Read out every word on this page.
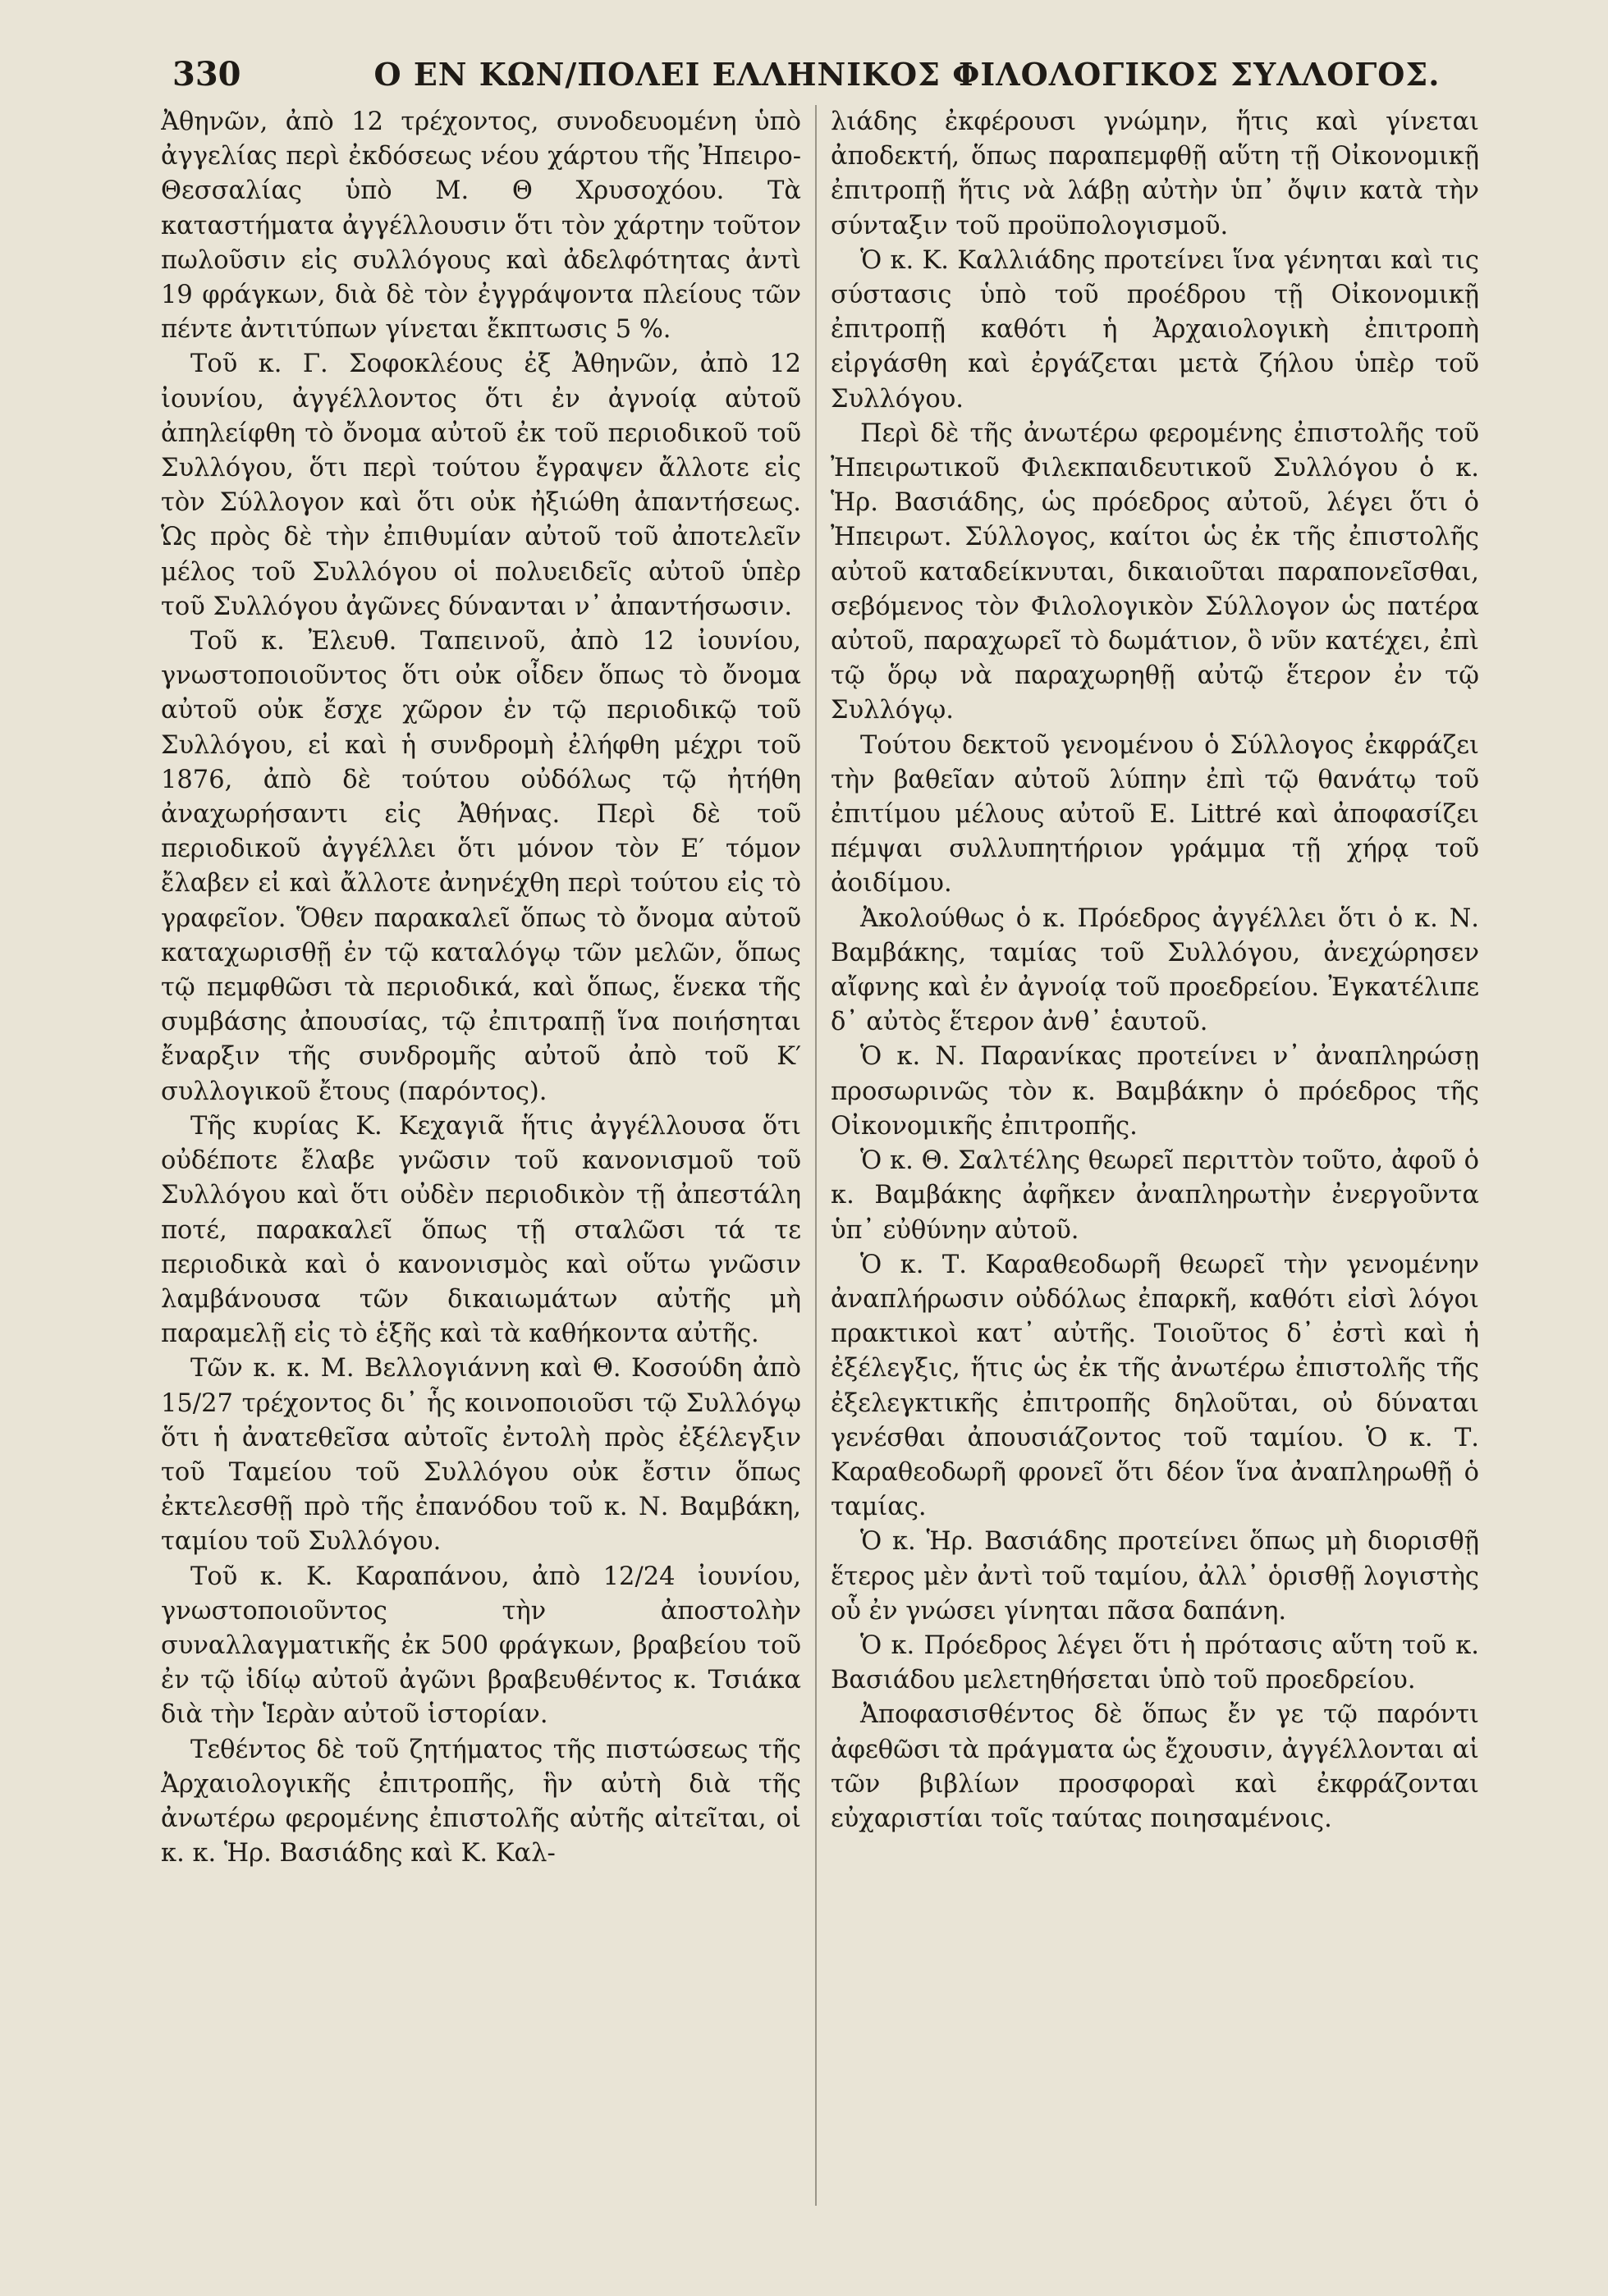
330	Ο ΕΝ ΚΩΝ/ΠΟΛΕΙ ΕΛΛΗΝΙΚΟΣ ΦΙΛΟΛΟΓΙΚΟΣ ΣΥΛΛΟΓΟΣ.

Ἀθηνῶν, ἀπὸ 12 τρέχοντος, συνοδευομένη ὑπὸ ἀγγελίας περὶ ἐκδόσεως νέου χάρτου τῆς Ἠπειρο-Θεσσαλίας ὑπὸ Μ. Θ Χρυσοχόου. Τὰ καταστήματα ἀγγέλλουσιν ὅτι τὸν χάρτην τοῦτον πωλοῦσιν εἰς συλλόγους καὶ ἀδελφότητας ἀντὶ 19 φράγκων, διὰ δὲ τὸν ἐγγράψοντα πλείους τῶν πέντε ἀντιτύπων γίνεται ἔκπτωσις 5 %.

Τοῦ κ. Γ. Σοφοκλέους ἐξ Ἀθηνῶν, ἀπὸ 12 ἰουνίου, ἀγγέλλοντος ὅτι ἐν ἀγνοίᾳ αὐτοῦ ἀπηλείφθη τὸ ὄνομα αὐτοῦ ἐκ τοῦ περιοδικοῦ τοῦ Συλλόγου, ὅτι περὶ τούτου ἔγραψεν ἄλλοτε εἰς τὸν Σύλλογον καὶ ὅτι οὐκ ἠξιώθη ἀπαντήσεως. Ὡς πρὸς δὲ τὴν ἐπιθυμίαν αὐτοῦ τοῦ ἀποτελεῖν μέλος τοῦ Συλλόγου οἱ πολυειδεῖς αὐτοῦ ὑπὲρ τοῦ Συλλόγου ἀγῶνες δύνανται ν᾽ ἀπαντήσωσιν.

Τοῦ κ. Ἐλευθ. Ταπεινοῦ, ἀπὸ 12 ἰουνίου, γνωστοποιοῦντος ὅτι οὐκ οἶδεν ὅπως τὸ ὄνομα αὐτοῦ οὐκ ἔσχε χῶρον ἐν τῷ περιοδικῷ τοῦ Συλλόγου, εἰ καὶ ἡ συνδρομὴ ἐλήφθη μέχρι τοῦ 1876, ἀπὸ δὲ τούτου οὐδόλως τῷ ἠτήθη ἀναχωρήσαντι εἰς Ἀθήνας. Περὶ δὲ τοῦ περιοδικοῦ ἀγγέλλει ὅτι μόνον τὸν Ε′ τόμον ἔλαβεν εἰ καὶ ἄλλοτε ἀνηνέχθη περὶ τούτου εἰς τὸ γραφεῖον. Ὅθεν παρακαλεῖ ὅπως τὸ ὄνομα αὐτοῦ καταχωρισθῇ ἐν τῷ καταλόγῳ τῶν μελῶν, ὅπως τῷ πεμφθῶσι τὰ περιοδικά, καὶ ὅπως, ἕνεκα τῆς συμβάσης ἀπουσίας, τῷ ἐπιτραπῇ ἵνα ποιήσηται ἔναρξιν τῆς συνδρομῆς αὐτοῦ ἀπὸ τοῦ Κ′ συλλογικοῦ ἔτους (παρόντος).

Τῆς κυρίας Κ. Κεχαγιᾶ ἥτις ἀγγέλλουσα ὅτι οὐδέποτε ἔλαβε γνῶσιν τοῦ κανονισμοῦ τοῦ Συλλόγου καὶ ὅτι οὐδὲν περιοδικὸν τῇ ἀπεστάλη ποτέ, παρακαλεῖ ὅπως τῇ σταλῶσι τά τε περιοδικὰ καὶ ὁ κανονισμὸς καὶ οὕτω γνῶσιν λαμβάνουσα τῶν δικαιωμάτων αὐτῆς μὴ παραμελῇ εἰς τὸ ἑξῆς καὶ τὰ καθήκοντα αὐτῆς.

Τῶν κ. κ. Μ. Βελλογιάννη καὶ Θ. Κοσούδη ἀπὸ 15/27 τρέχοντος δι᾽ ἧς κοινοποιοῦσι τῷ Συλλόγῳ ὅτι ἡ ἀνατεθεῖσα αὐτοῖς ἐντολὴ πρὸς ἐξέλεγξιν τοῦ Ταμείου τοῦ Συλλόγου οὐκ ἔστιν ὅπως ἐκτελεσθῇ πρὸ τῆς ἐπανόδου τοῦ κ. Ν. Βαμβάκη, ταμίου τοῦ Συλλόγου.

Τοῦ κ. Κ. Καραπάνου, ἀπὸ 12/24 ἰουνίου, γνωστοποιοῦντος τὴν ἀποστολὴν συναλλαγματικῆς ἐκ 500 φράγκων, βραβείου τοῦ ἐν τῷ ἰδίῳ αὐτοῦ ἀγῶνι βραβευθέντος κ. Τσιάκα διὰ τὴν Ἱερὰν αὐτοῦ ἱστορίαν.

Τεθέντος δὲ τοῦ ζητήματος τῆς πιστώσεως τῆς Ἀρχαιολογικῆς ἐπιτροπῆς, ἣν αὐτὴ διὰ τῆς ἀνωτέρω φερομένης ἐπιστολῆς αὐτῆς αἰτεῖται, οἱ κ. κ. Ἡρ. Βασιάδης καὶ Κ. Καλ-

λιάδης ἐκφέρουσι γνώμην, ἥτις καὶ γίνεται ἀποδεκτή, ὅπως παραπεμφθῇ αὕτη τῇ Οἰκονομικῇ ἐπιτροπῇ ἥτις νὰ λάβῃ αὐτὴν ὑπ᾽ ὄψιν κατὰ τὴν σύνταξιν τοῦ προϋπολογισμοῦ.

Ὁ κ. Κ. Καλλιάδης προτείνει ἵνα γένηται καὶ τις σύστασις ὑπὸ τοῦ προέδρου τῇ Οἰκονομικῇ ἐπιτροπῇ καθότι ἡ Ἀρχαιολογικὴ ἐπιτροπὴ εἰργάσθη καὶ ἐργάζεται μετὰ ζήλου ὑπὲρ τοῦ Συλλόγου.

Περὶ δὲ τῆς ἀνωτέρω φερομένης ἐπιστολῆς τοῦ Ἠπειρωτικοῦ Φιλεκπαιδευτικοῦ Συλλόγου ὁ κ. Ἡρ. Βασιάδης, ὡς πρόεδρος αὐτοῦ, λέγει ὅτι ὁ Ἠπειρωτ. Σύλλογος, καίτοι ὡς ἐκ τῆς ἐπιστολῆς αὐτοῦ καταδείκνυται, δικαιοῦται παραπονεῖσθαι, σεβόμενος τὸν Φιλολογικὸν Σύλλογον ὡς πατέρα αὐτοῦ, παραχωρεῖ τὸ δωμάτιον, ὃ νῦν κατέχει, ἐπὶ τῷ ὅρῳ νὰ παραχωρηθῇ αὐτῷ ἕτερον ἐν τῷ Συλλόγῳ.

Τούτου δεκτοῦ γενομένου ὁ Σύλλογος ἐκφράζει τὴν βαθεῖαν αὐτοῦ λύπην ἐπὶ τῷ θανάτῳ τοῦ ἐπιτίμου μέλους αὐτοῦ E. Littré καὶ ἀποφασίζει πέμψαι συλλυπητήριον γράμμα τῇ χήρᾳ τοῦ ἀοιδίμου.

Ἀκολούθως ὁ κ. Πρόεδρος ἀγγέλλει ὅτι ὁ κ. Ν. Βαμβάκης, ταμίας τοῦ Συλλόγου, ἀνεχώρησεν αἴφνης καὶ ἐν ἀγνοίᾳ τοῦ προεδρείου. Ἐγκατέλιπε δ᾽ αὐτὸς ἕτερον ἀνθ᾽ ἑαυτοῦ.

Ὁ κ. Ν. Παρανίκας προτείνει ν᾽ ἀναπληρώσῃ προσωρινῶς τὸν κ. Βαμβάκην ὁ πρόεδρος τῆς Οἰκονομικῆς ἐπιτροπῆς.

Ὁ κ. Θ. Σαλτέλης θεωρεῖ περιττὸν τοῦτο, ἀφοῦ ὁ κ. Βαμβάκης ἀφῆκεν ἀναπληρωτὴν ἐνεργοῦντα ὑπ᾽ εὐθύνην αὐτοῦ.

Ὁ κ. Τ. Καραθεοδωρῆ θεωρεῖ τὴν γενομένην ἀναπλήρωσιν οὐδόλως ἐπαρκῆ, καθότι εἰσὶ λόγοι πρακτικοὶ κατ᾽ αὐτῆς. Τοιοῦτος δ᾽ ἐστὶ καὶ ἡ ἐξέλεγξις, ἥτις ὡς ἐκ τῆς ἀνωτέρω ἐπιστολῆς τῆς ἐξελεγκτικῆς ἐπιτροπῆς δηλοῦται, οὐ δύναται γενέσθαι ἀπουσιάζοντος τοῦ ταμίου. Ὁ κ. Τ. Καραθεοδωρῆ φρονεῖ ὅτι δέον ἵνα ἀναπληρωθῇ ὁ ταμίας.

Ὁ κ. Ἡρ. Βασιάδης προτείνει ὅπως μὴ διορισθῇ ἕτερος μὲν ἀντὶ τοῦ ταμίου, ἀλλ᾽ ὁρισθῇ λογιστὴς οὗ ἐν γνώσει γίνηται πᾶσα δαπάνη.

Ὁ κ. Πρόεδρος λέγει ὅτι ἡ πρότασις αὕτη τοῦ κ. Βασιάδου μελετηθήσεται ὑπὸ τοῦ προεδρείου.

Ἀποφασισθέντος δὲ ὅπως ἔν γε τῷ παρόντι ἀφεθῶσι τὰ πράγματα ὡς ἔχουσιν, ἀγγέλλονται αἱ τῶν βιβλίων προσφοραὶ καὶ ἐκφράζονται εὐχαριστίαι τοῖς ταύτας ποιησαμένοις.
